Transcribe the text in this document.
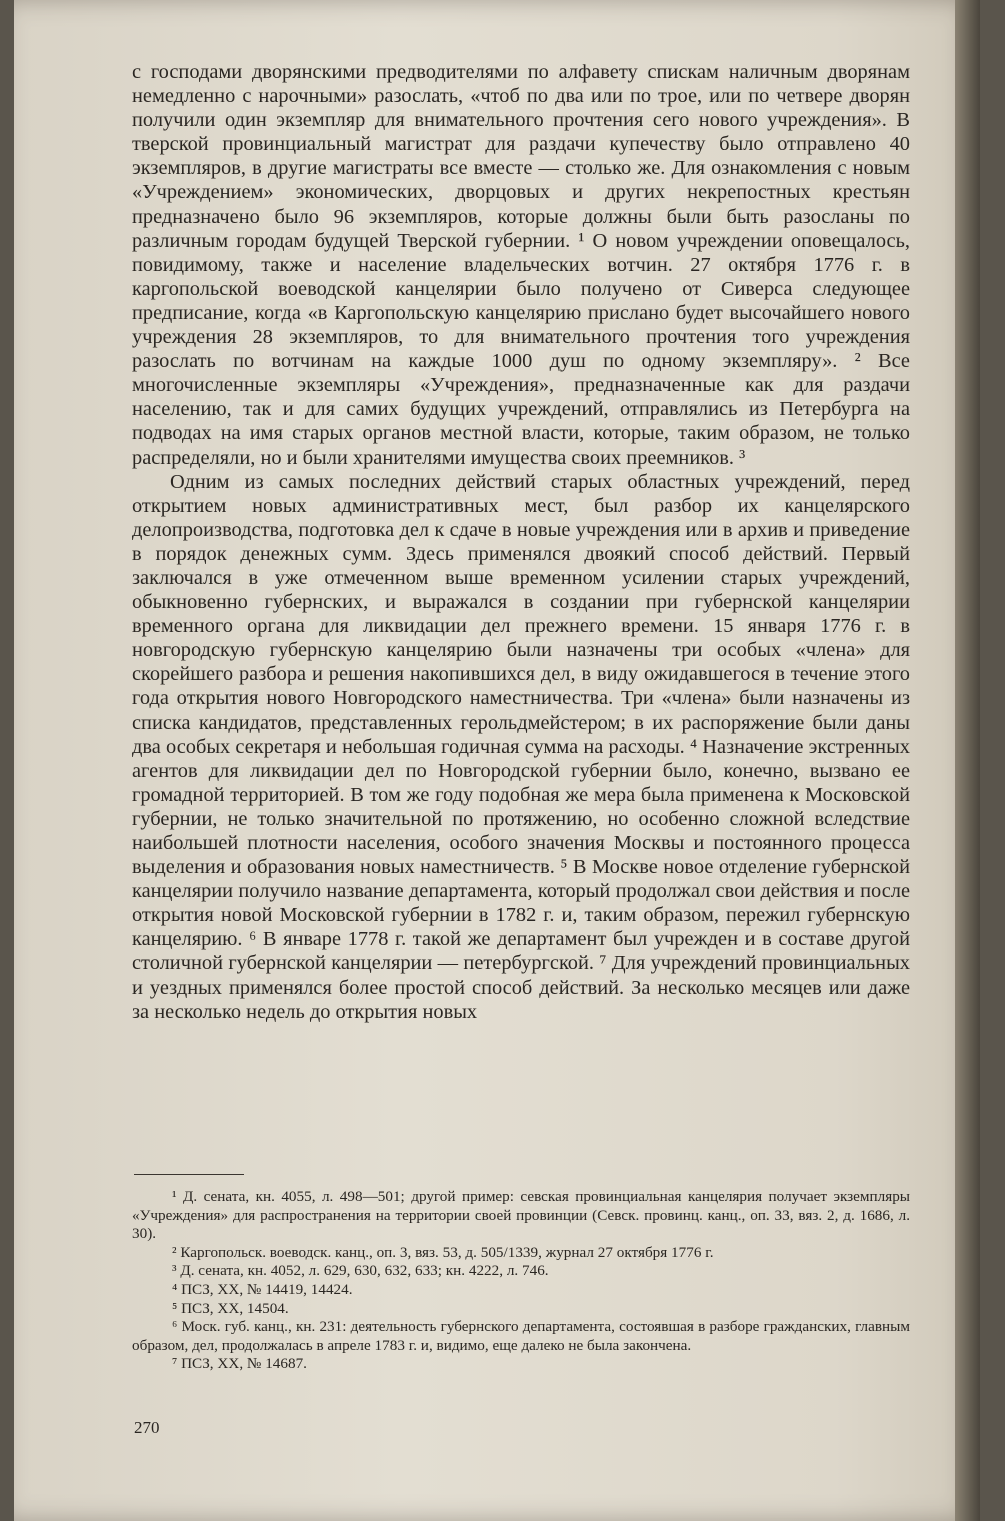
с господами дворянскими предводителями по алфавету спискам наличным дворянам немедленно с нарочными» разослать, «чтоб по два или по трое, или по четвере дворян получили один экземпляр для внимательного прочтения сего нового учреждения». В тверской провинциальный магистрат для раздачи купечеству было отправлено 40 экземпляров, в другие магистраты все вместе — столько же. Для ознакомления с новым «Учреждением» экономических, дворцовых и других некрепостных крестьян предназначено было 96 экземпляров, которые должны были быть разосланы по различным городам будущей Тверской губернии. ¹ О новом учреждении оповещалось, повидимому, также и население владельческих вотчин. 27 октября 1776 г. в каргопольской воеводской канцелярии было получено от Сиверса следующее предписание, когда «в Каргопольскую канцелярию прислано будет высочайшего нового учреждения 28 экземпляров, то для внимательного прочтения того учреждения разослать по вотчинам на каждые 1000 душ по одному экземпляру». ² Все многочисленные экземпляры «Учреждения», предназначенные как для раздачи населению, так и для самих будущих учреждений, отправлялись из Петербурга на подводах на имя старых органов местной власти, которые, таким образом, не только распределяли, но и были хранителями имущества своих преемников. ³

Одним из самых последних действий старых областных учреждений, перед открытием новых административных мест, был разбор их канцелярского делопроизводства, подготовка дел к сдаче в новые учреждения или в архив и приведение в порядок денежных сумм. Здесь применялся двоякий способ действий. Первый заключался в уже отмеченном выше временном усилении старых учреждений, обыкновенно губернских, и выражался в создании при губернской канцелярии временного органа для ликвидации дел прежнего времени. 15 января 1776 г. в новгородскую губернскую канцелярию были назначены три особых «члена» для скорейшего разбора и решения накопившихся дел, в виду ожидавшегося в течение этого года открытия нового Новгородского наместничества. Три «члена» были назначены из списка кандидатов, представленных герольдмейстером; в их распоряжение были даны два особых секретаря и небольшая годичная сумма на расходы. ⁴ Назначение экстренных агентов для ликвидации дел по Новгородской губернии было, конечно, вызвано ее громадной территорией. В том же году подобная же мера была применена к Московской губернии, не только значительной по протяжению, но особенно сложной вследствие наибольшей плотности населения, особого значения Москвы и постоянного процесса выделения и образования новых наместничеств. ⁵ В Москве новое отделение губернской канцелярии получило название департамента, который продолжал свои действия и после открытия новой Московской губернии в 1782 г. и, таким образом, пережил губернскую канцелярию. ⁶ В январе 1778 г. такой же департамент был учрежден и в составе другой столичной губернской канцелярии — петербургской. ⁷ Для учреждений провинциальных и уездных применялся более простой способ действий. За несколько месяцев или даже за несколько недель до открытия новых

¹ Д. сената, кн. 4055, л. 498—501; другой пример: севская провинциальная канцелярия получает экземпляры «Учреждения» для распространения на территории своей провинции (Севск. провинц. канц., оп. 33, вяз. 2, д. 1686, л. 30).

² Каргопольск. воеводск. канц., оп. 3, вяз. 53, д. 505/1339, журнал 27 октября 1776 г.

³ Д. сената, кн. 4052, л. 629, 630, 632, 633; кн. 4222, л. 746.

⁴ ПСЗ, XX, № 14419, 14424.

⁵ ПСЗ, XX, 14504.

⁶ Моск. губ. канц., кн. 231: деятельность губернского департамента, состоявшая в разборе гражданских, главным образом, дел, продолжалась в апреле 1783 г. и, видимо, еще далеко не была закончена.

⁷ ПСЗ, XX, № 14687.

270
